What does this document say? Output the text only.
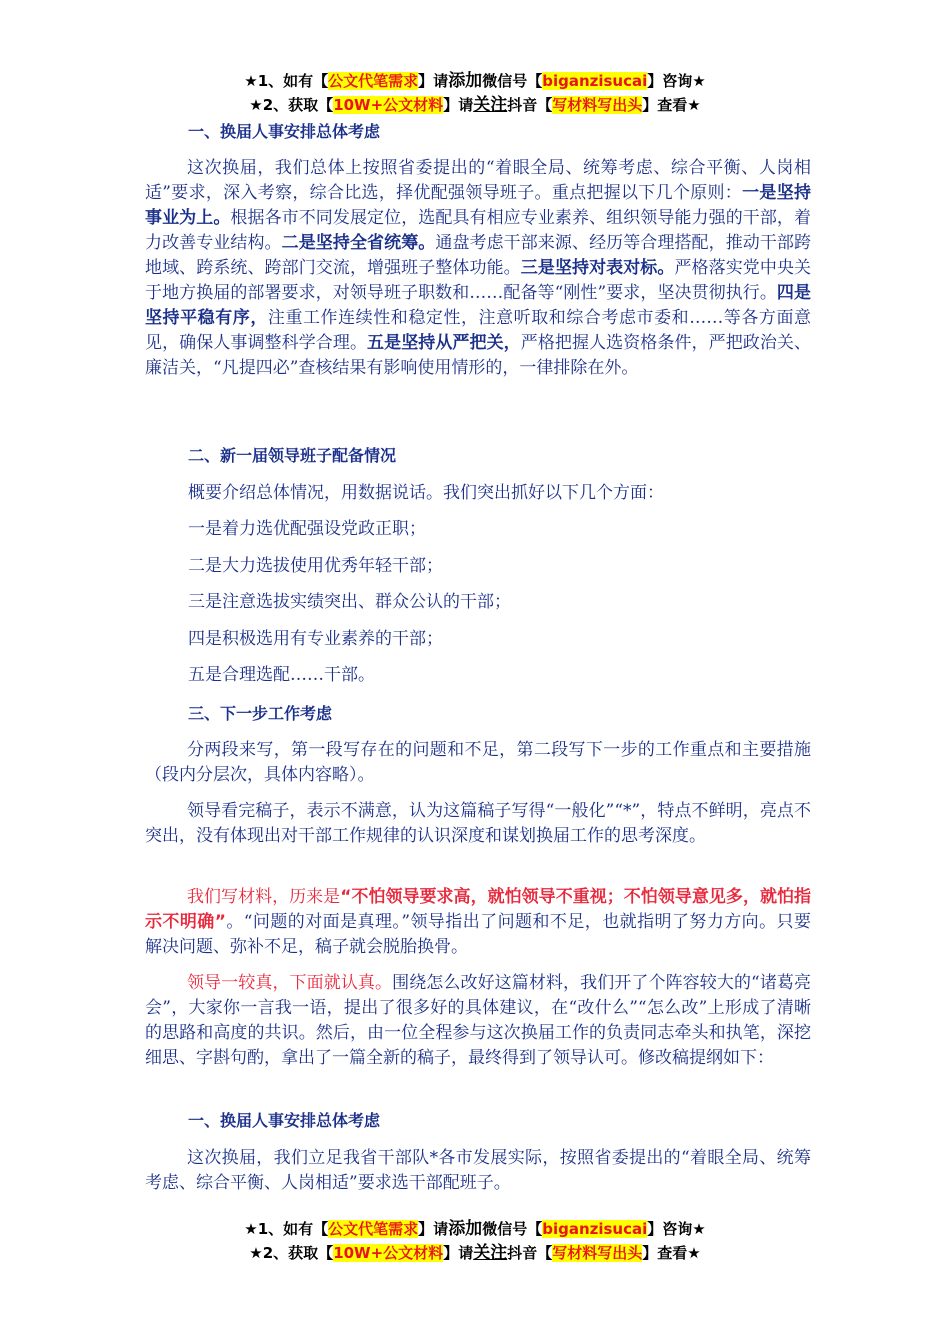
★1、如有【公文代笔需求】请添加微信号【biganzisucai】咨询★
★2、获取【10W+公文材料】请关注抖音【写材料写出头】查看★
一、换届人事安排总体考虑

这次换届，我们总体上按照省委提出的“着眼全局、统筹考虑、综合平衡、人岗相适”要求，深入考察，综合比选，择优配强领导班子。重点把握以下几个原则：一是坚持事业为上。根据各市不同发展定位，选配具有相应专业素养、组织领导能力强的干部，着力改善专业结构。二是坚持全省统筹。通盘考虑干部来源、经历等合理搭配，推动干部跨地域、跨系统、跨部门交流，增强班子整体功能。三是坚持对表对标。严格落实党中央关于地方换届的部署要求，对领导班子职数和……配备等“刚性”要求，坚决贯彻执行。四是坚持平稳有序，注重工作连续性和稳定性，注意听取和综合考虑市委和……等各方面意见，确保人事调整科学合理。五是坚持从严把关，严格把握人选资格条件，严把政治关、廉洁关，“凡提四必”查核结果有影响使用情形的，一律排除在外。

二、新一届领导班子配备情况
概要介绍总体情况，用数据说话。我们突出抓好以下几个方面：
一是着力选优配强设党政正职；
二是大力选拔使用优秀年轻干部；
三是注意选拔实绩突出、群众公认的干部；
四是积极选用有专业素养的干部；
五是合理选配……干部。
三、下一步工作考虑

分两段来写，第一段写存在的问题和不足，第二段写下一步的工作重点和主要措施（段内分层次，具体内容略）。

领导看完稿子，表示不满意，认为这篇稿子写得“一般化”“*”，特点不鲜明，亮点不突出，没有体现出对干部工作规律的认识深度和谋划换届工作的思考深度。

我们写材料，历来是“不怕领导要求高，就怕领导不重视；不怕领导意见多，就怕指示不明确”。“问题的对面是真理。”领导指出了问题和不足，也就指明了努力方向。只要解决问题、弥补不足，稿子就会脱胎换骨。

领导一较真，下面就认真。围绕怎么改好这篇材料，我们开了个阵容较大的“诸葛亮会”，大家你一言我一语，提出了很多好的具体建议，在“改什么”“怎么改”上形成了清晰的思路和高度的共识。然后，由一位全程参与这次换届工作的负责同志牵头和执笔，深挖细思、字斟句酌，拿出了一篇全新的稿子，最终得到了领导认可。修改稿提纲如下：

一、换届人事安排总体考虑

这次换届，我们立足我省干部队*各市发展实际，按照省委提出的“着眼全局、统筹考虑、综合平衡、人岗相适”要求选干部配班子。

★1、如有【公文代笔需求】请添加微信号【biganzisucai】咨询★
★2、获取【10W+公文材料】请关注抖音【写材料写出头】查看★
